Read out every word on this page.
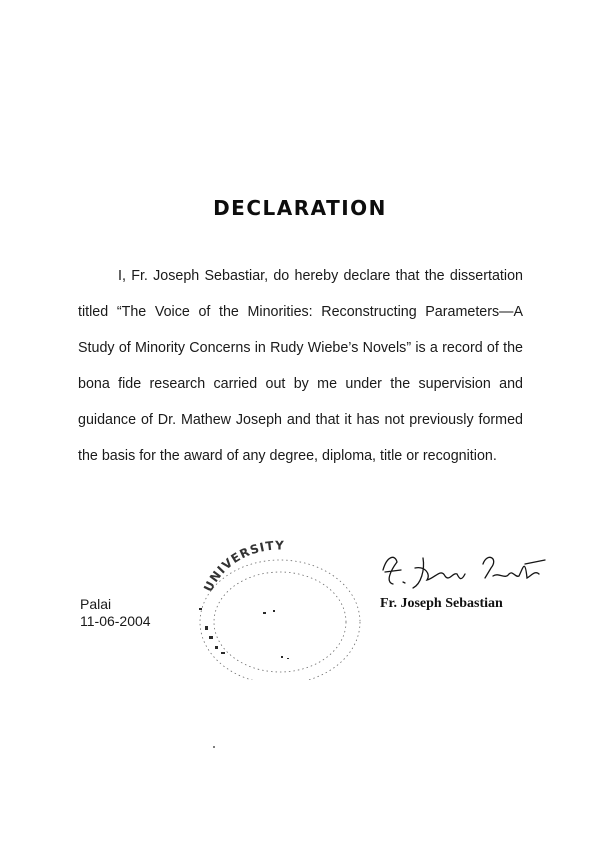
DECLARATION

I, Fr. Joseph Sebastiar, do hereby declare that the dissertation titled “The Voice of the Minorities: Reconstructing Parameters—A Study of Minority Concerns in Rudy Wiebe’s Novels” is a record of the bona fide research carried out by me under the supervision and guidance of Dr. Mathew Joseph and that it has not previously formed the basis for the award of any degree, diploma, title or recognition.

Palai
11-06-2004
UNIVERSITY
Fr. Joseph Sebastian
